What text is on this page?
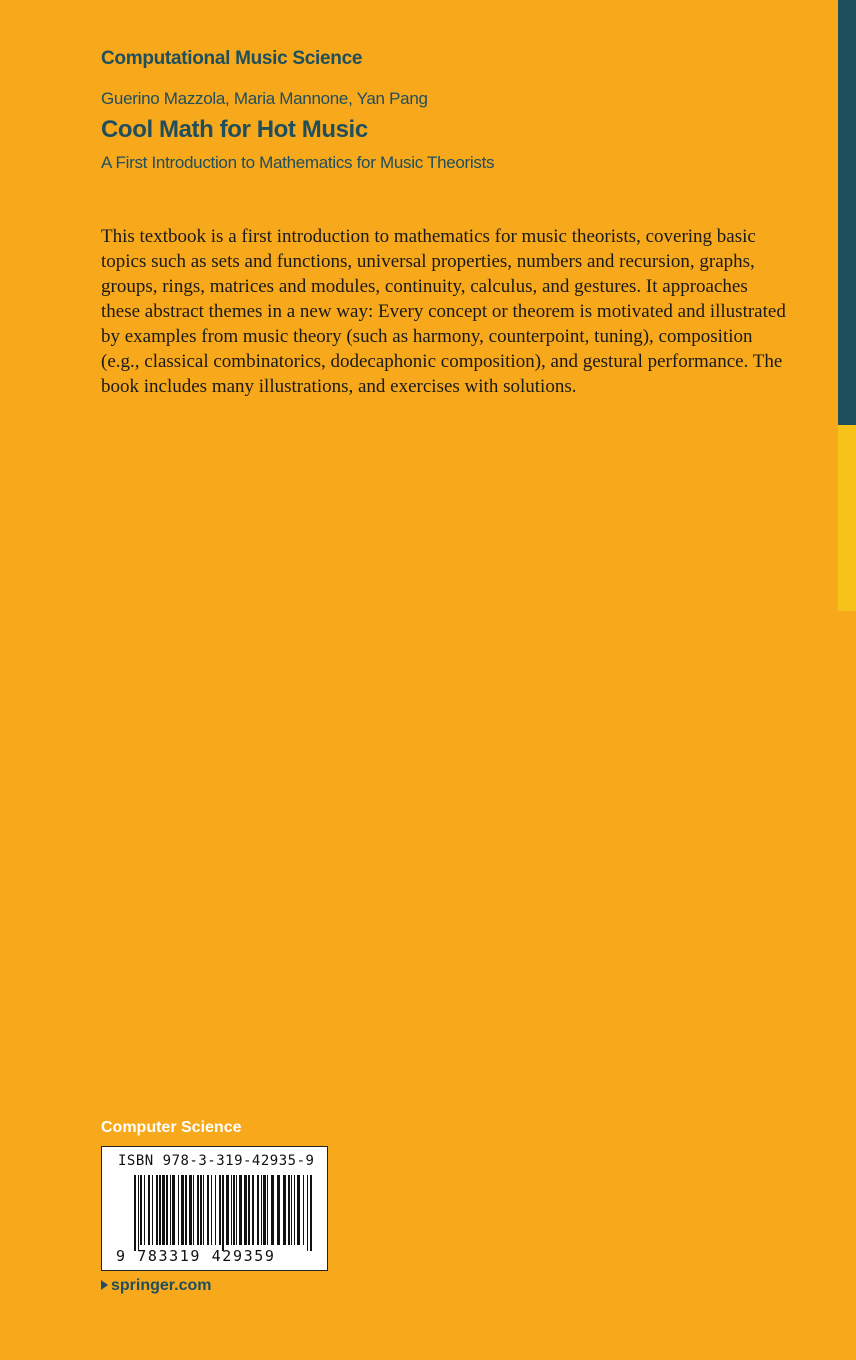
Computational Music Science
Guerino Mazzola, Maria Mannone, Yan Pang
Cool Math for Hot Music
A First Introduction to Mathematics for Music Theorists

This textbook is a first introduction to mathematics for music theorists, covering basic topics such as sets and functions, universal properties, numbers and recursion, graphs, groups, rings, matrices and modules, continuity, calculus, and gestures. It approaches these abstract themes in a new way: Every concept or theorem is motivated and illustrated by examples from music theory (such as harmony, counterpoint, tuning), composition (e.g., classical combinatorics, dodecaphonic composition), and gestural performance. The book includes many illustrations, and exercises with solutions.

Computer Science
ISBN 978-3-319-42935-9
9 783319 429359
springer.com
